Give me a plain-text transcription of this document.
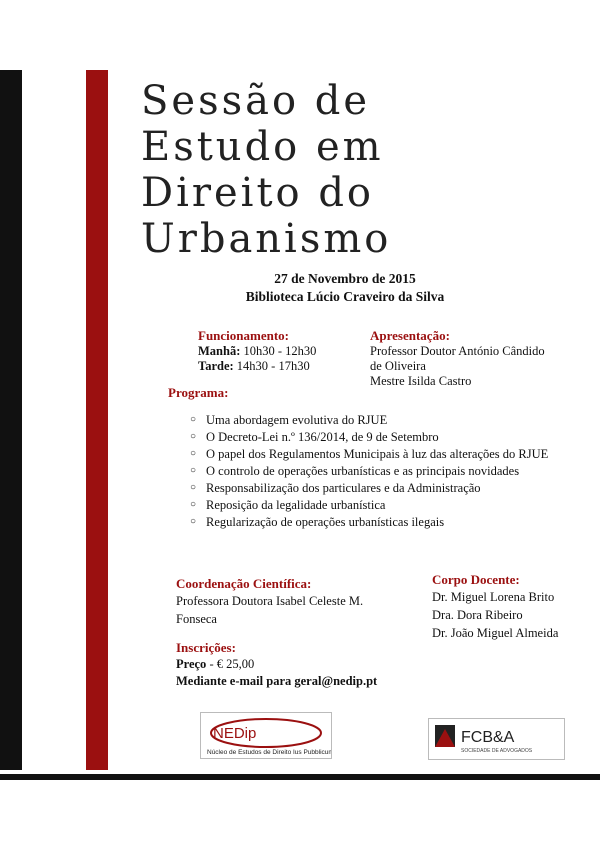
Sessão de
Estudo em
Direito do
Urbanismo
27 de Novembro de 2015
Biblioteca Lúcio Craveiro da Silva
Funcionamento:
Manhã: 10h30 - 12h30
Tarde: 14h30 - 17h30
Apresentação:
Professor Doutor António Cândido
de Oliveira
Mestre Isilda Castro
Programa:
○ Uma abordagem evolutiva do RJUE
○ O Decreto-Lei n.º 136/2014, de 9 de Setembro
○ O papel dos Regulamentos Municipais à luz das alterações do RJUE
○ O controlo de operações urbanísticas e as principais novidades
○ Responsabilização dos particulares e da Administração
○ Reposição da legalidade urbanística
○ Regularização de operações urbanísticas ilegais
Coordenação Científica:
Professora Doutora Isabel Celeste M.
Fonseca
Corpo Docente:
Dr. Miguel Lorena Brito
Dra. Dora Ribeiro
Dr. João Miguel Almeida
Inscrições:
Preço - € 25,00
Mediante e-mail para geral@nedip.pt
NEDip
Núcleo de Estudos de Direito Ius Pubblicum
FCB&A
SOCIEDADE DE ADVOGADOS
